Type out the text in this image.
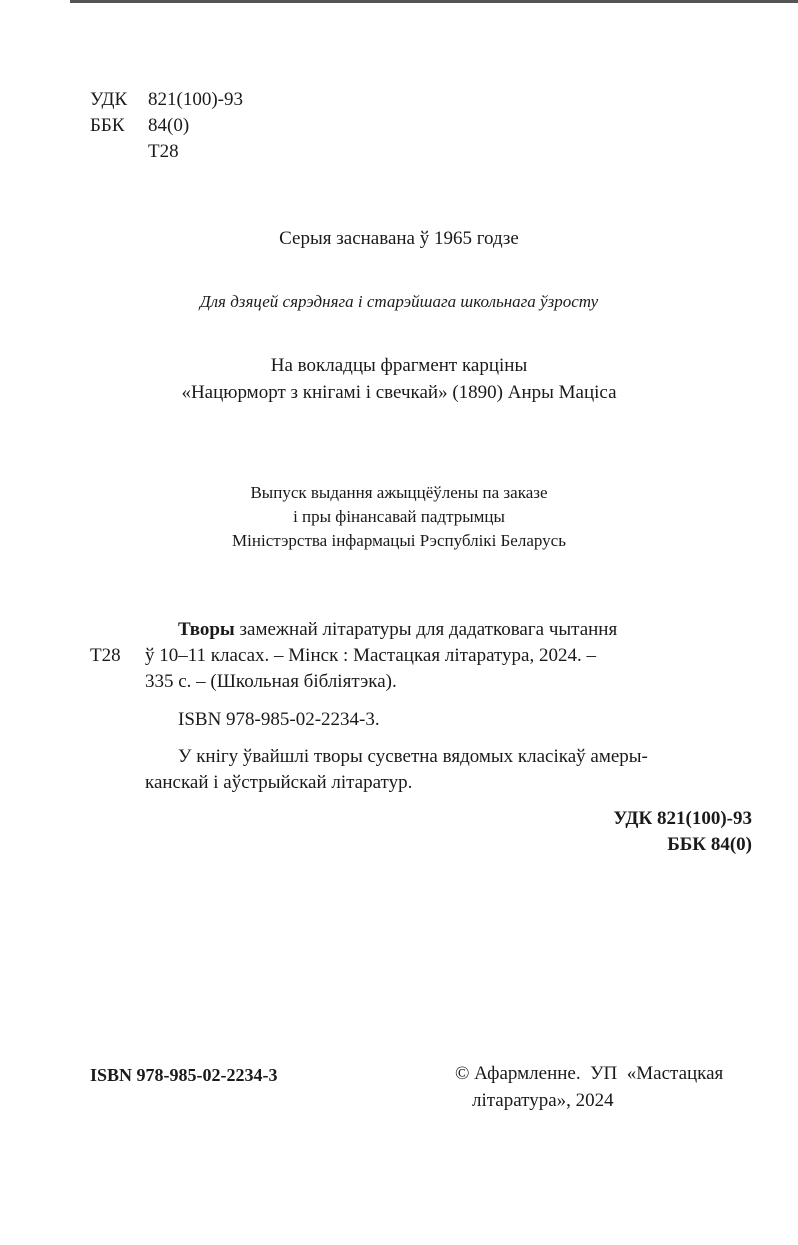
УДК 821(100)-93
ББК 84(0)
Т28
Серыя заснавана ў 1965 годзе
Для дзяцей сярэдняга і старэйшага школьнага ўзросту
На вокладцы фрагмент карціны
«Нацюрморт з кнігамі і свечкай» (1890) Анры Маціса
Выпуск выдання ажыццёўлены па заказе
і пры фінансавай падтрымцы
Міністэрства інфармацыі Рэспублікі Беларусь
Творы замежнай літаратуры для дадатковага чытання
Т28 ў 10–11 класах. – Мінск : Мастацкая літаратура, 2024. –
335 с. – (Школьная бібліятэка).
ISBN 978-985-02-2234-3.
У кнігу ўвайшлі творы сусветна вядомых класікаў амеры-
канскай і аўстрыйскай літаратур.
УДК 821(100)-93
ББК 84(0)
ISBN 978-985-02-2234-3	© Афармленне.  УП  «Мастацкая
літаратура», 2024
